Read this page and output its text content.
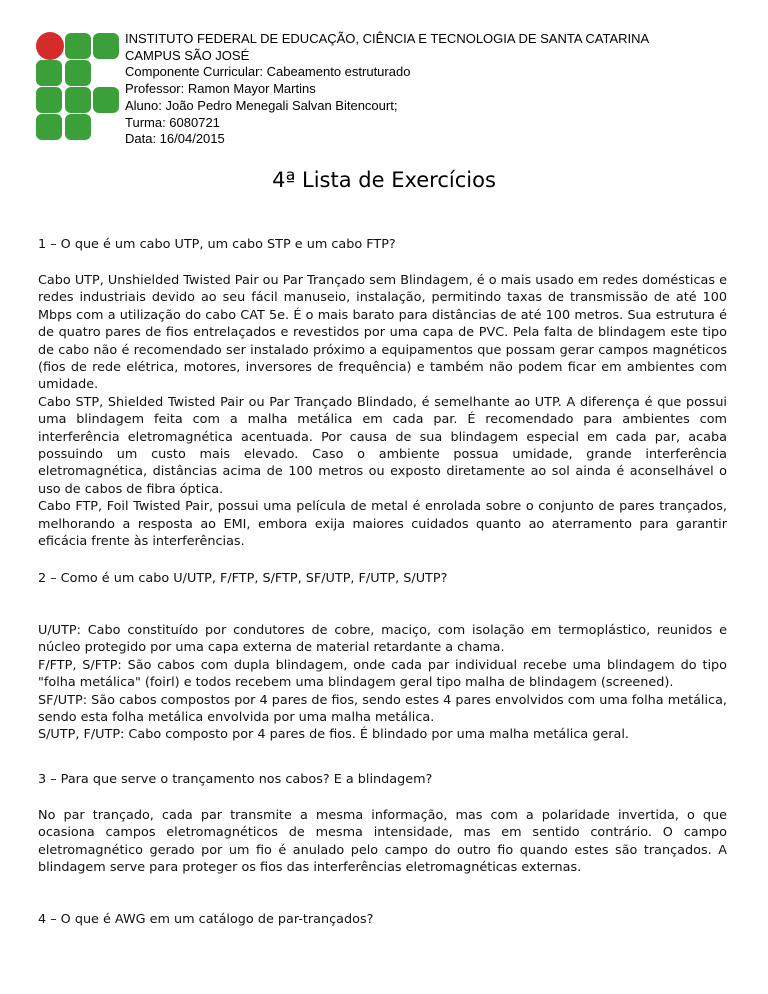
INSTITUTO FEDERAL DE EDUCAÇÃO, CIÊNCIA E TECNOLOGIA DE SANTA CATARINA
CAMPUS SÃO JOSÉ
Componente Curricular: Cabeamento estruturado
Professor: Ramon Mayor Martins
Aluno: João Pedro Menegali Salvan Bitencourt;
Turma: 6080721
Data: 16/04/2015
4ª Lista de Exercícios
1 – O que é um cabo UTP, um cabo STP e um cabo FTP?

Cabo UTP, Unshielded Twisted Pair ou Par Trançado sem Blindagem, é o mais usado em redes domésticas e redes industriais devido ao seu fácil manuseio, instalação, permitindo taxas de transmissão de até 100 Mbps com a utilização do cabo CAT 5e. É o mais barato para distâncias de até 100 metros. Sua estrutura é de quatro pares de fios entrelaçados e revestidos por uma capa de PVC. Pela falta de blindagem este tipo de cabo não é recomendado ser instalado próximo a equipamentos que possam gerar campos magnéticos (fios de rede elétrica, motores, inversores de frequência) e também não podem ficar em ambientes com umidade.

Cabo STP, Shielded Twisted Pair ou Par Trançado Blindado, é semelhante ao UTP. A diferença é que possui uma blindagem feita com a malha metálica em cada par. É recomendado para ambientes com interferência eletromagnética acentuada. Por causa de sua blindagem especial em cada par, acaba possuindo um custo mais elevado. Caso o ambiente possua umidade, grande interferência eletromagnética, distâncias acima de 100 metros ou exposto diretamente ao sol ainda é aconselhável o uso de cabos de fibra óptica.

Cabo FTP, Foil Twisted Pair, possui uma película de metal é enrolada sobre o conjunto de pares trançados, melhorando a resposta ao EMI, embora exija maiores cuidados quanto ao aterramento para garantir eficácia frente às interferências.

2 – Como é um cabo U/UTP, F/FTP, S/FTP, SF/UTP, F/UTP, S/UTP?

U/UTP: Cabo constituído por condutores de cobre, maciço, com isolação em termoplástico, reunidos e núcleo protegido por uma capa externa de material retardante a chama.

F/FTP, S/FTP: São cabos com dupla blindagem, onde cada par individual recebe uma blindagem do tipo "folha metálica" (foirl) e todos recebem uma blindagem geral tipo malha de blindagem (screened).

SF/UTP: São cabos compostos por 4 pares de fios, sendo estes 4 pares envolvidos com uma folha metálica, sendo esta folha metálica envolvida por uma malha metálica.

S/UTP, F/UTP: Cabo composto por 4 pares de fios. É blindado por uma malha metálica geral.

3 – Para que serve o trançamento nos cabos? E a blindagem?

No par trançado, cada par transmite a mesma informação, mas com a polaridade invertida, o que ocasiona campos eletromagnéticos de mesma intensidade, mas em sentido contrário. O campo eletromagnético gerado por um fio é anulado pelo campo do outro fio quando estes são trançados. A blindagem serve para proteger os fios das interferências eletromagnéticas externas.

4 – O que é AWG em um catálogo de par-trançados?
